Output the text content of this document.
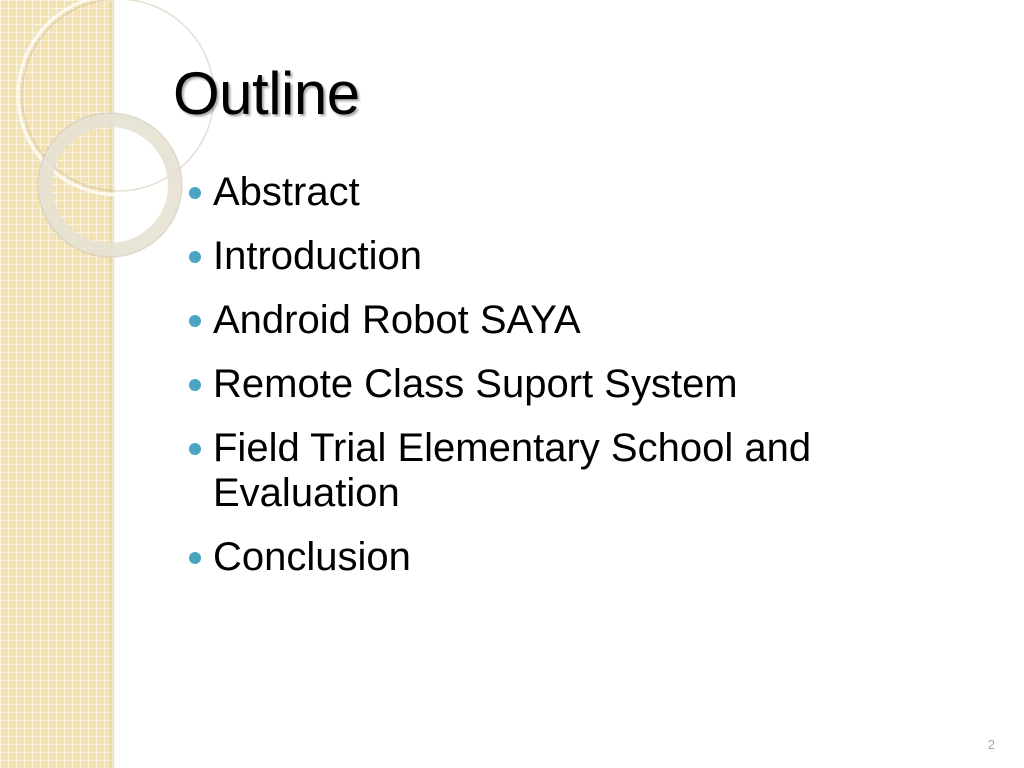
Outline
Abstract
Introduction
Android Robot SAYA
Remote Class Suport System
Field Trial Elementary School and Evaluation
Conclusion
2
